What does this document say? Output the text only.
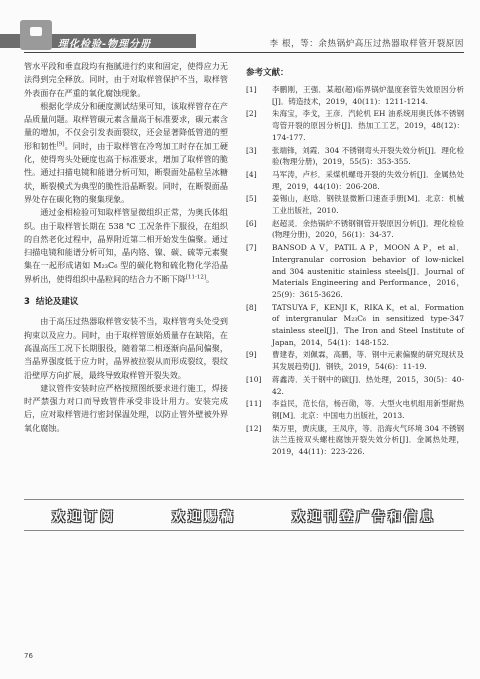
理化检验-物理分册	李 根，等：余热锅炉高压过热器取样管开裂原因

管水平段和垂直段均有拖腻进行约束和固定，使得应力无法得到完全释放。同时，由于对取样管保护不当，取样管外表面存在严重的氧化腐蚀现象。

根据化学成分和硬度测试结果可知，该取样管存在产品质量问题。取样管碳元素含量高于标准要求，碳元素含量的增加，不仅会引发表面裂纹，还会显著降低管道的塑形和韧性[9]。同时，由于取样管在冷弯加工时存在加工硬化，使得弯头处硬度也高于标准要求，增加了取样管的脆性。通过扫描电镜和能谱分析可知，断裂面处晶粒呈冰糖状，断裂模式为典型的脆性沿晶断裂。同时，在断裂面晶界处存在碳化物的聚集现象。

通过金相检验可知取样管显微组织正常，为奥氏体组织。由于取样管长期在 538 ℃ 工况条件下服役，在组织的自然老化过程中，晶界附近第二相开始发生偏聚。通过扫描电镜和能谱分析可知，晶内铬、镍、碳、硫等元素聚集在一起形成诸如 M₂₃C₆ 型的碳化物和硫化物化学沿晶界析出，使得组织中晶粒间的结合力不断下降[11-12]。

3 结论及建议

由于高压过热器取样管安装不当，取样管弯头处受到拘束以及应力。同时，由于取样管原始质量存在缺陷，在高温高压工况下长期服役，随着第二相逐渐向晶间偏聚，当晶界强度低于应力时，晶界被拉裂从而形成裂纹，裂纹沿壁厚方向扩展，最终导致取样管开裂失效。

建议管件安装时应严格按照图纸要求进行施工，焊接时严禁强力对口而导致管件承受非设计用力。安装完成后，应对取样管进行密封保温处理，以防止管外壁被外界氧化腐蚀。

参考文献：
[1]	李鹏刚，王强．某超(超)临界锅炉温度套管失效原因分析[J]．铸造技术，2019，40(11)：1211-1214.
[2]	朱海宝，李戈，王彦．汽轮机 EH 油系统用奥氏体不锈钢弯管开裂的原因分析[J]．热加工工艺，2019，48(12)：174-177.
[3]	张端锋，刘霞．304 不锈钢弯头开裂失效分析[J]．理化检验(物理分册)，2019，55(5)：353-355.
[4]	马军涛，卢杉．采煤机螺母开裂的失效分析[J]．金属热处理，2019，44(10)：206-208.
[5]	姜锡山，赵晗．钢铁显微断口速查手册[M]．北京：机械工业出版社，2010.
[6]	赵超灵．余热锅炉不锈钢钢管开裂原因分析[J]．理化检验(物理分册)，2020，56(1)：34-37.
[7]	BANSOD A V，PATIL A P，MOON A P，et al．Intergranular corrosion behavior of low-nickel and 304 austenitic stainless steels[J]．Journal of Materials Engineering and Performance，2016，25(9)：3615-3626.
[8]	TATSUYA F，KENJI K，RIKA K，et al．Formation of intergranular M₂₃C₆ in sensitized type-347 stainless steel[J]．The Iron and Steel Institute of Japan，2014，54(1)：148-152.
[9]	曹建春，刘佩霖，高鹏，等．钢中元素偏聚的研究现状及其发展趋势[J]．钢铁，2019，54(6)：11-19.
[10]	蒋鑫涛．关于钢中的碳[J]．热处理，2015，30(5)：40-42.
[11]	李益民，范长信，杨百勋，等．大型火电机组用新型耐热钢[M]．北京：中国电力出版社，2013.
[12]	柴万里，贾庆康，王凤序，等．沿海火气环境 304 不锈钢法兰连接双头螺柱腐蚀开裂失效分析[J]．金属热处理，2019，44(11)：223-226.
欢迎订阅	欢迎赐稿	欢迎刊登广告和信息
76
